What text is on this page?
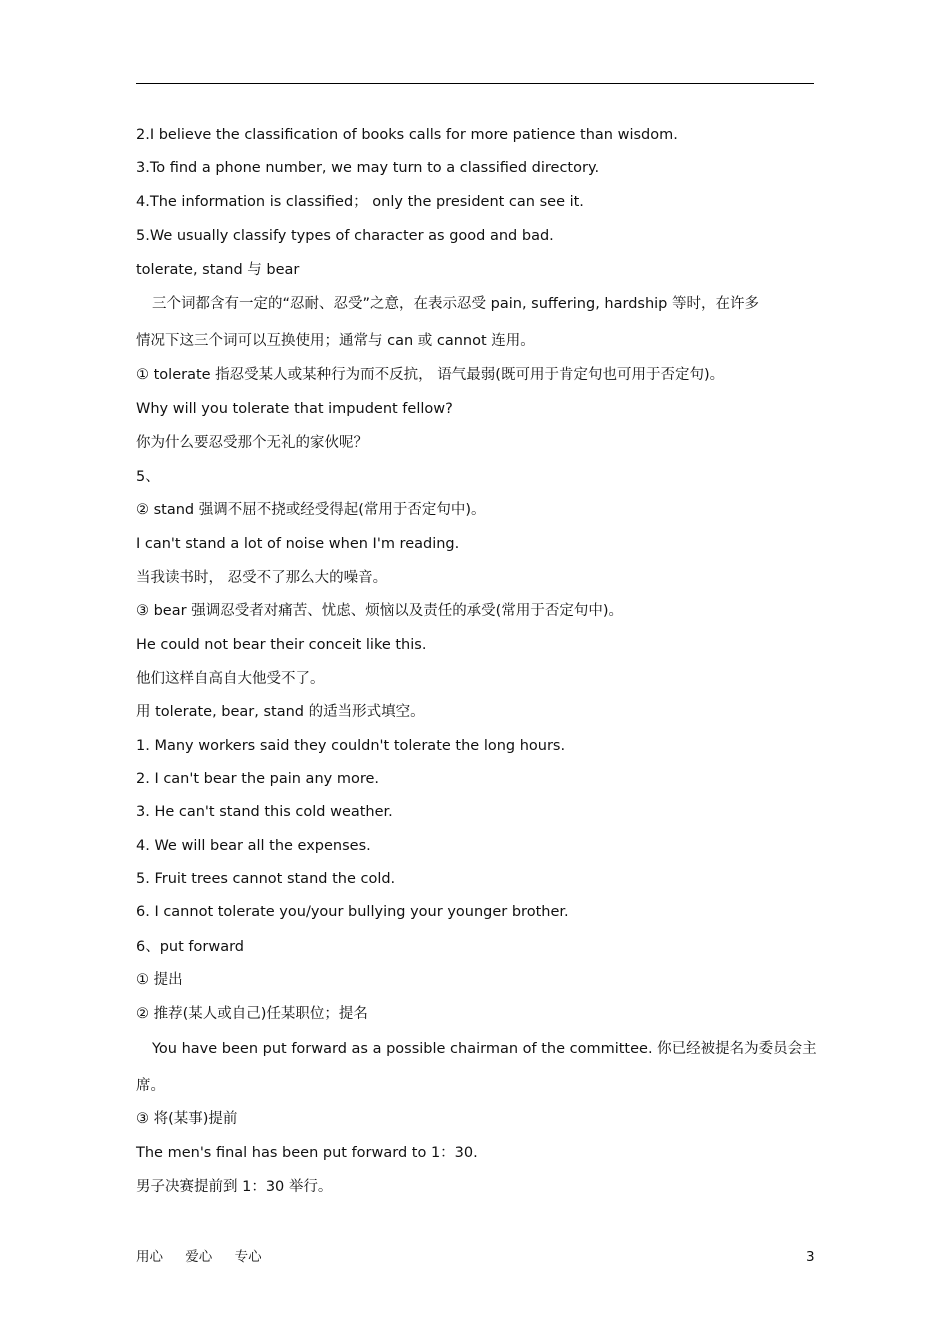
2.I believe the classification of books calls for more patience than wisdom.
3.To find a phone number, we may turn to a classified directory.
4.The information is classified； only the president can see it.
5.We usually classify types of character as good and bad.
tolerate, stand 与 bear
三个词都含有一定的“忍耐、忍受”之意，在表示忍受 pain, suffering, hardship 等时，在许多
情况下这三个词可以互换使用；通常与 can 或 cannot 连用。
① tolerate 指忍受某人或某种行为而不反抗， 语气最弱(既可用于肯定句也可用于否定句)。
Why will you tolerate that impudent fellow?
你为什么要忍受那个无礼的家伙呢？
5、
② stand 强调不屈不挠或经受得起(常用于否定句中)。
I can't stand a lot of noise when I'm reading.
当我读书时， 忍受不了那么大的噪音。
③ bear 强调忍受者对痛苦、忧虑、烦恼以及责任的承受(常用于否定句中)。
He could not bear their conceit like this.
他们这样自高自大他受不了。
用 tolerate, bear, stand 的适当形式填空。
1. Many workers said they couldn't tolerate the long hours.
2. I can't bear the pain any more.
3. He can't stand this cold weather.
4. We will bear all the expenses.
5. Fruit trees cannot stand the cold.
6. I cannot tolerate you/your bullying your younger brother.
6、put forward
① 提出
② 推荐(某人或自己)任某职位；提名
You have been put forward as a possible chairman of the committee. 你已经被提名为委员会主
席。
③ 将(某事)提前
The men's final has been put forward to 1：30.
男子决赛提前到 1：30 举行。
用心 爱心 专心	3
